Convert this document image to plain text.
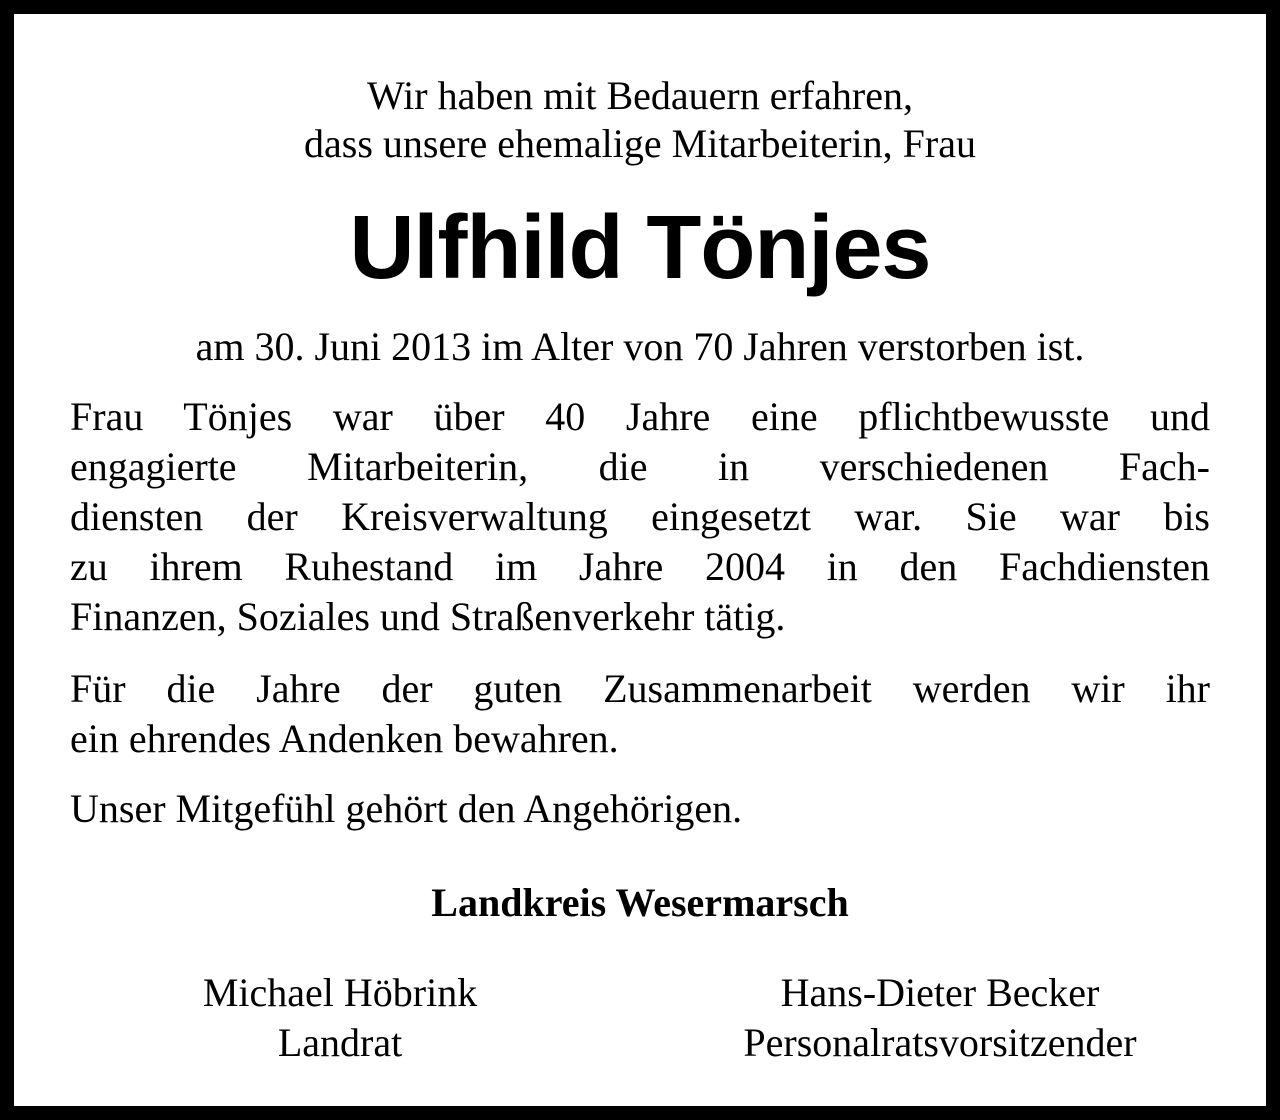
Wir haben mit Bedauern erfahren,
dass unsere ehemalige Mitarbeiterin, Frau
Ulfhild Tönjes
am 30. Juni 2013 im Alter von 70 Jahren verstorben ist.
Frau Tönjes war über 40 Jahre eine pflichtbewusste und
engagierte Mitarbeiterin, die in verschiedenen Fach-
diensten der Kreisverwaltung eingesetzt war. Sie war bis
zu ihrem Ruhestand im Jahre 2004 in den Fachdiensten
Finanzen, Soziales und Straßenverkehr tätig.
Für die Jahre der guten Zusammenarbeit werden wir ihr
ein ehrendes Andenken bewahren.
Unser Mitgefühl gehört den Angehörigen.
Landkreis Wesermarsch
Michael Höbrink
Landrat
Hans-Dieter Becker
Personalratsvorsitzender
